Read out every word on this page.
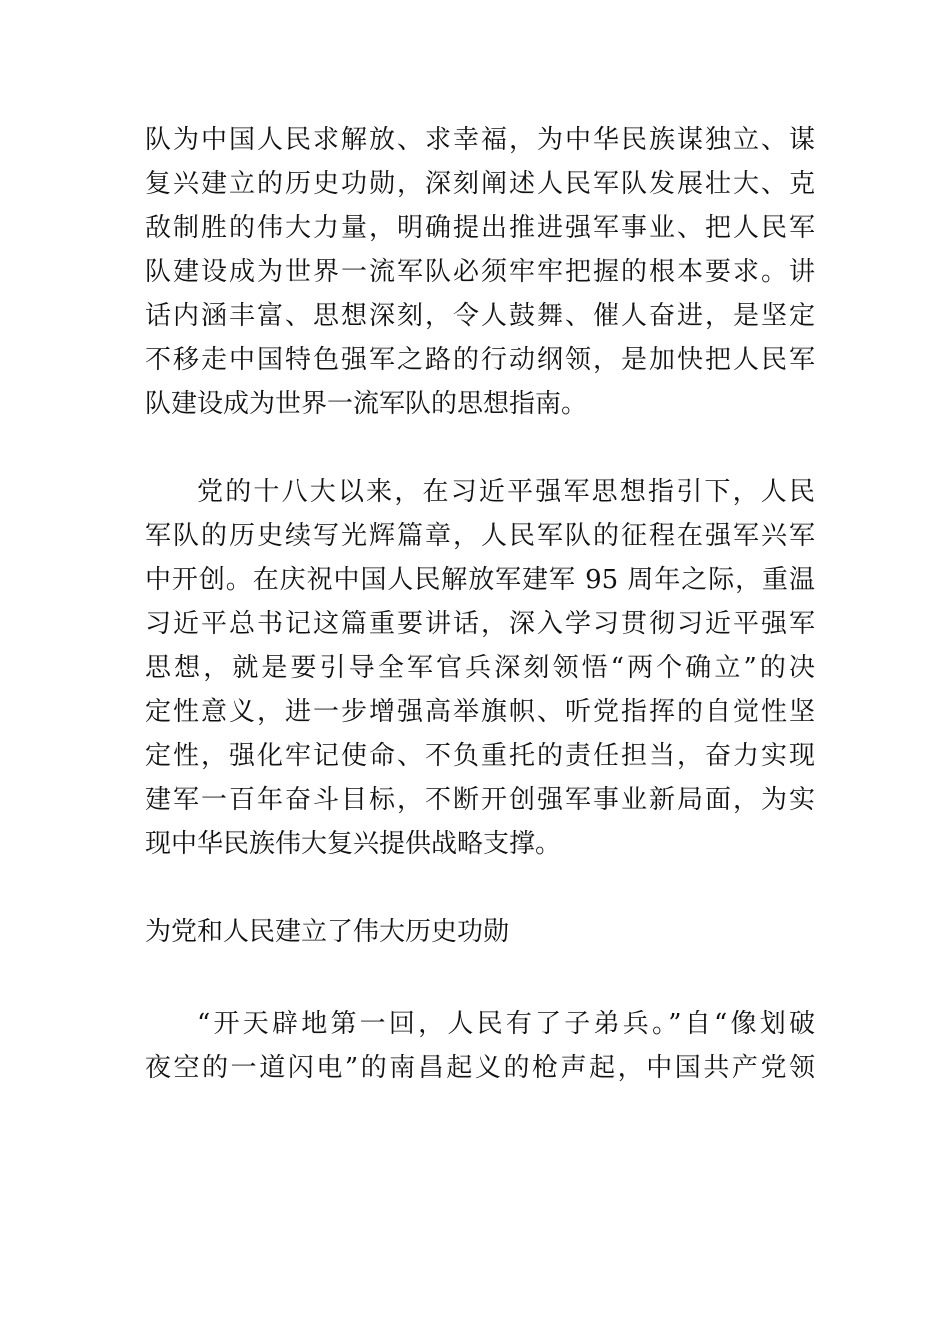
队为中国人民求解放、求幸福，为中华民族谋独立、谋
复兴建立的历史功勋，深刻阐述人民军队发展壮大、克
敌制胜的伟大力量，明确提出推进强军事业、把人民军
队建设成为世界一流军队必须牢牢把握的根本要求。讲
话内涵丰富、思想深刻，令人鼓舞、催人奋进，是坚定
不移走中国特色强军之路的行动纲领，是加快把人民军
队建设成为世界一流军队的思想指南。
党的十八大以来，在习近平强军思想指引下，人民
军队的历史续写光辉篇章，人民军队的征程在强军兴军
中开创。在庆祝中国人民解放军建军 95 周年之际，重温
习近平总书记这篇重要讲话，深入学习贯彻习近平强军
思想，就是要引导全军官兵深刻领悟“两个确立”的决
定性意义，进一步增强高举旗帜、听党指挥的自觉性坚
定性，强化牢记使命、不负重托的责任担当，奋力实现
建军一百年奋斗目标，不断开创强军事业新局面，为实
现中华民族伟大复兴提供战略支撑。
为党和人民建立了伟大历史功勋
“开天辟地第一回，人民有了子弟兵。”自“像划破
夜空的一道闪电”的南昌起义的枪声起，中国共产党领
